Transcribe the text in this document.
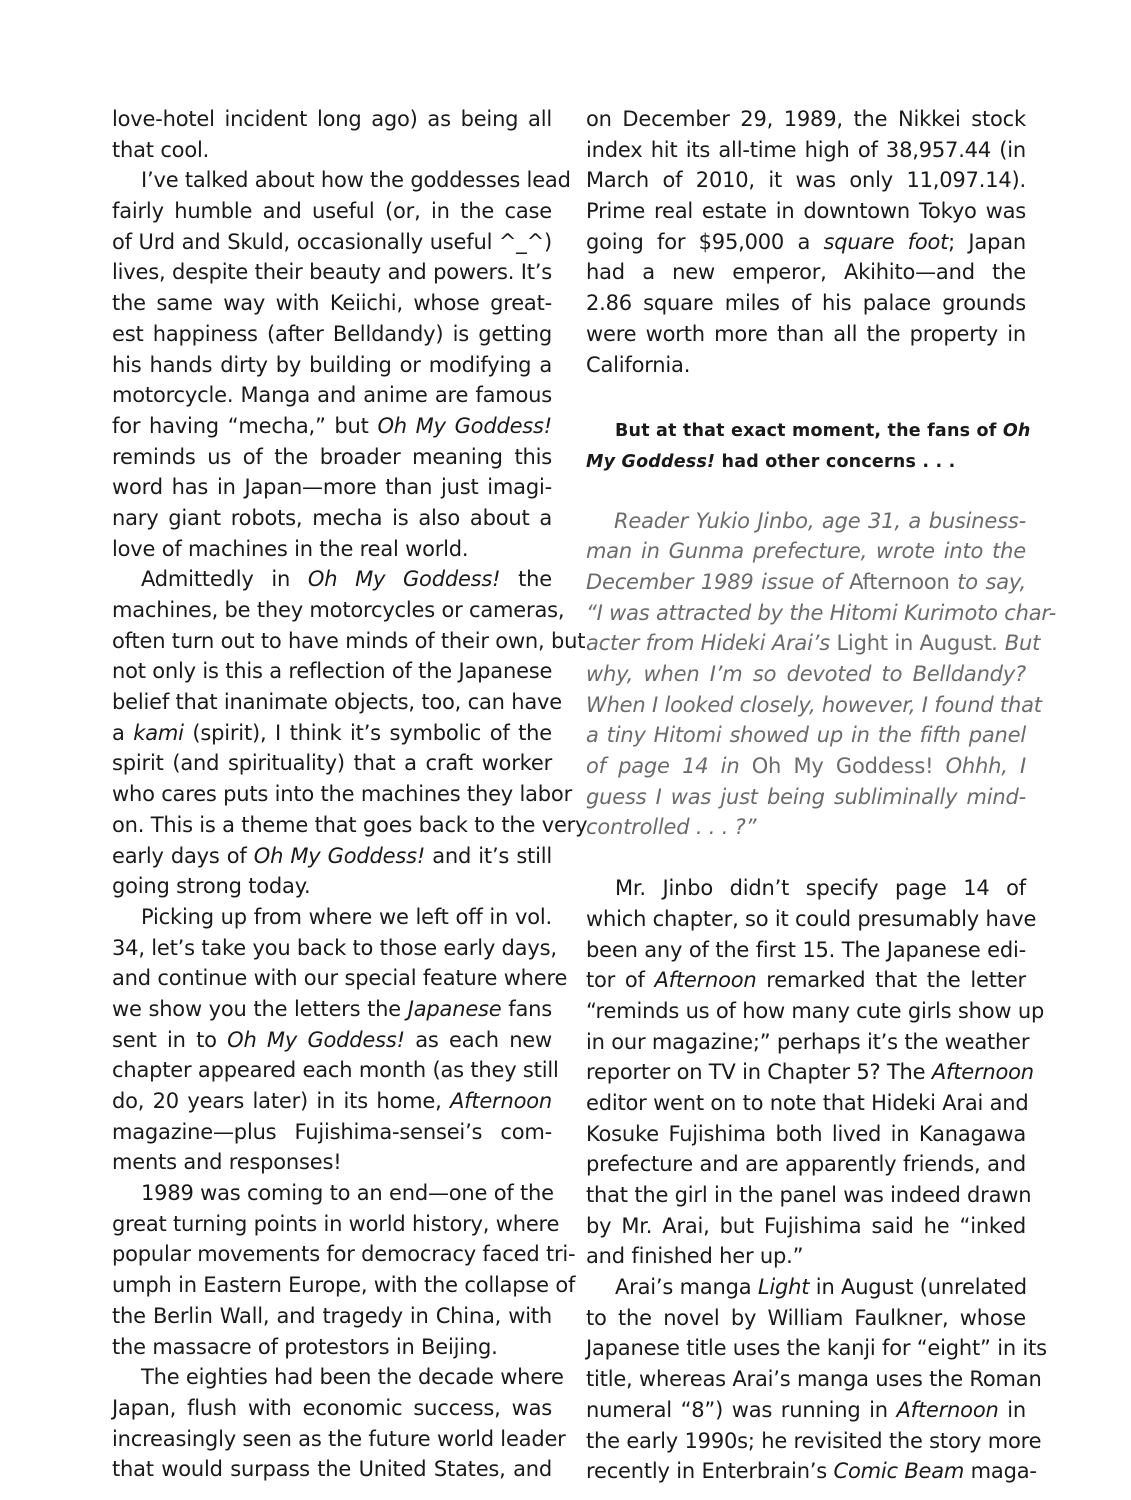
love-hotel incident long ago) as being all
that cool.
I’ve talked about how the goddesses lead
fairly humble and useful (or, in the case
of Urd and Skuld, occasionally useful ^_^)
lives, despite their beauty and powers. It’s
the same way with Keiichi, whose great-
est happiness (after Belldandy) is getting
his hands dirty by building or modifying a
motorcycle. Manga and anime are famous
for having “mecha,” but Oh My Goddess!
reminds us of the broader meaning this
word has in Japan—more than just imagi-
nary giant robots, mecha is also about a
love of machines in the real world.
Admittedly in Oh My Goddess! the
machines, be they motorcycles or cameras,
often turn out to have minds of their own, but
not only is this a reflection of the Japanese
belief that inanimate objects, too, can have
a kami (spirit), I think it’s symbolic of the
spirit (and spirituality) that a craft worker
who cares puts into the machines they labor
on. This is a theme that goes back to the very
early days of Oh My Goddess! and it’s still
going strong today.
Picking up from where we left off in vol.
34, let’s take you back to those early days,
and continue with our special feature where
we show you the letters the Japanese fans
sent in to Oh My Goddess! as each new
chapter appeared each month (as they still
do, 20 years later) in its home, Afternoon
magazine—plus Fujishima-sensei’s com-
ments and responses!
1989 was coming to an end—one of the
great turning points in world history, where
popular movements for democracy faced tri-
umph in Eastern Europe, with the collapse of
the Berlin Wall, and tragedy in China, with
the massacre of protestors in Beijing.
The eighties had been the decade where
Japan, flush with economic success, was
increasingly seen as the future world leader
that would surpass the United States, and
on December 29, 1989, the Nikkei stock
index hit its all-time high of 38,957.44 (in
March of 2010, it was only 11,097.14).
Prime real estate in downtown Tokyo was
going for $95,000 a square foot; Japan
had a new emperor, Akihito—and the
2.86 square miles of his palace grounds
were worth more than all the property in
California.
But at that exact moment, the fans of Oh
My Goddess! had other concerns . . .
Reader Yukio Jinbo, age 31, a business-
man in Gunma prefecture, wrote into the
December 1989 issue of Afternoon to say,
“I was attracted by the Hitomi Kurimoto char-
acter from Hideki Arai’s Light in August. But
why, when I’m so devoted to Belldandy?
When I looked closely, however, I found that
a tiny Hitomi showed up in the fifth panel
of page 14 in Oh My Goddess! Ohhh, I
guess I was just being subliminally mind-
controlled . . . ?”
Mr. Jinbo didn’t specify page 14 of
which chapter, so it could presumably have
been any of the first 15. The Japanese edi-
tor of Afternoon remarked that the letter
“reminds us of how many cute girls show up
in our magazine;” perhaps it’s the weather
reporter on TV in Chapter 5? The Afternoon
editor went on to note that Hideki Arai and
Kosuke Fujishima both lived in Kanagawa
prefecture and are apparently friends, and
that the girl in the panel was indeed drawn
by Mr. Arai, but Fujishima said he “inked
and finished her up.”
Arai’s manga Light in August (unrelated
to the novel by William Faulkner, whose
Japanese title uses the kanji for “eight” in its
title, whereas Arai’s manga uses the Roman
numeral “8”) was running in Afternoon in
the early 1990s; he revisited the story more
recently in Enterbrain’s Comic Beam maga-
